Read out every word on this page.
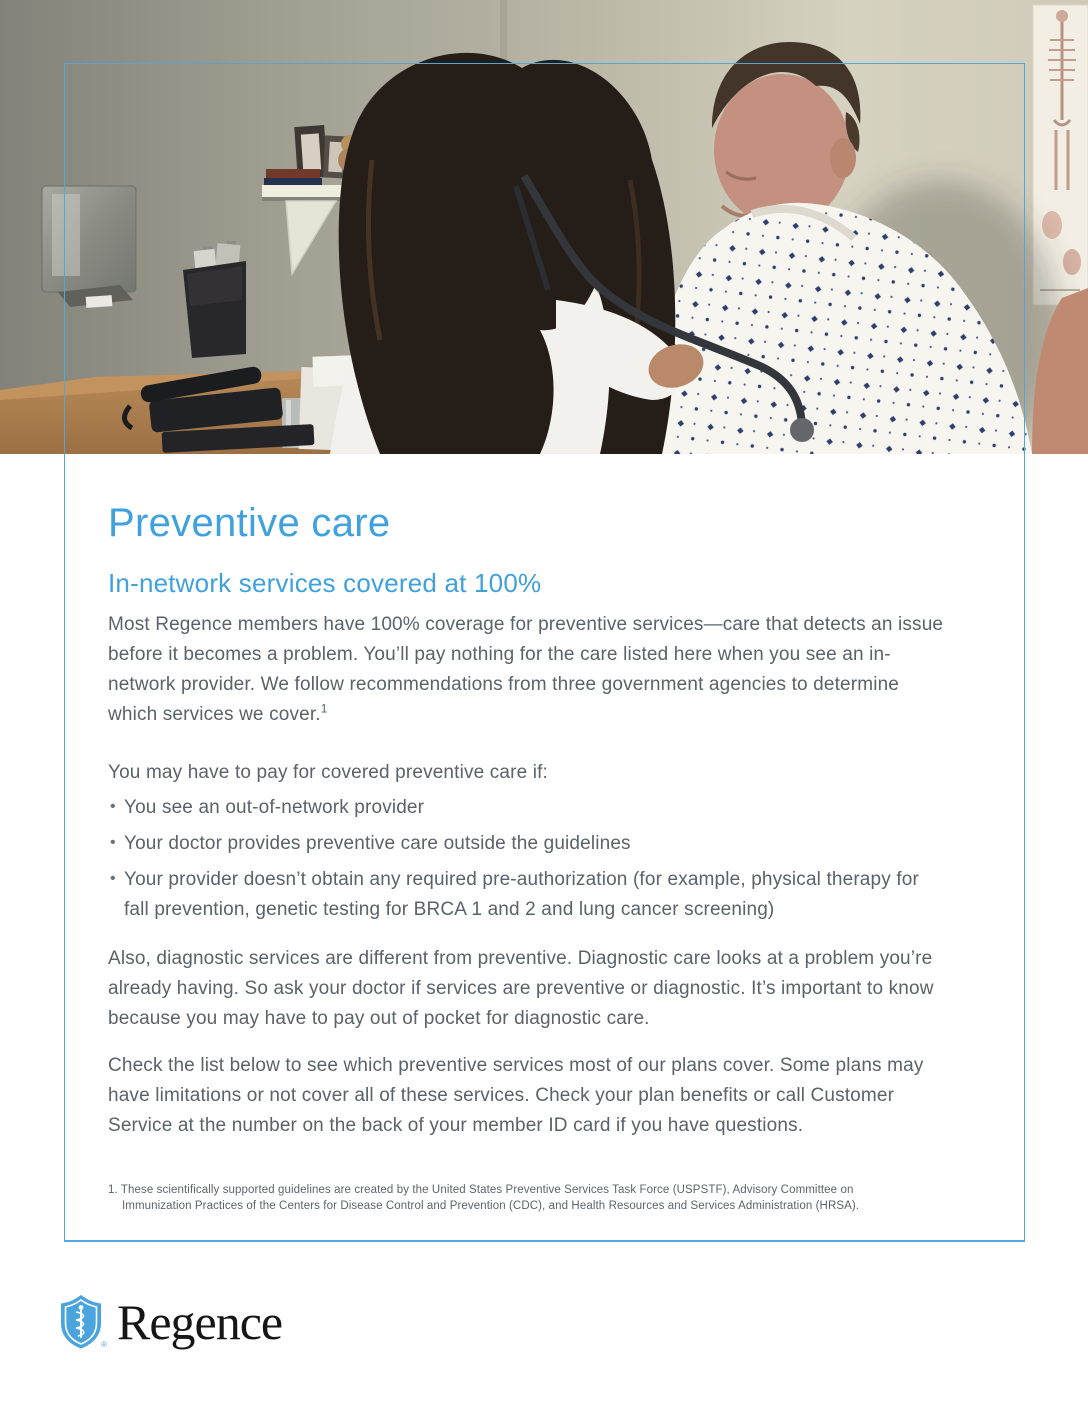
Preventive care
In-network services covered at 100%

Most Regence members have 100% coverage for preventive services—care that detects an issue before it becomes a problem. You’ll pay nothing for the care listed here when you see an in-network provider. We follow recommendations from three government agencies to determine which services we cover.$^1$

You may have to pay for covered preventive care if:

• You see an out-of-network provider
• Your doctor provides preventive care outside the guidelines
• Your provider doesn’t obtain any required pre-authorization (for example, physical therapy for fall prevention, genetic testing for BRCA 1 and 2 and lung cancer screening)

Also, diagnostic services are different from preventive. Diagnostic care looks at a problem you’re already having. So ask your doctor if services are preventive or diagnostic. It’s important to know because you may have to pay out of pocket for diagnostic care.

Check the list below to see which preventive services most of our plans cover. Some plans may have limitations or not cover all of these services. Check your plan benefits or call Customer Service at the number on the back of your member ID card if you have questions.

1. These scientifically supported guidelines are created by the United States Preventive Services Task Force (USPSTF), Advisory Committee on Immunization Practices of the Centers for Disease Control and Prevention (CDC), and Health Resources and Services Administration (HRSA).
® Regence
